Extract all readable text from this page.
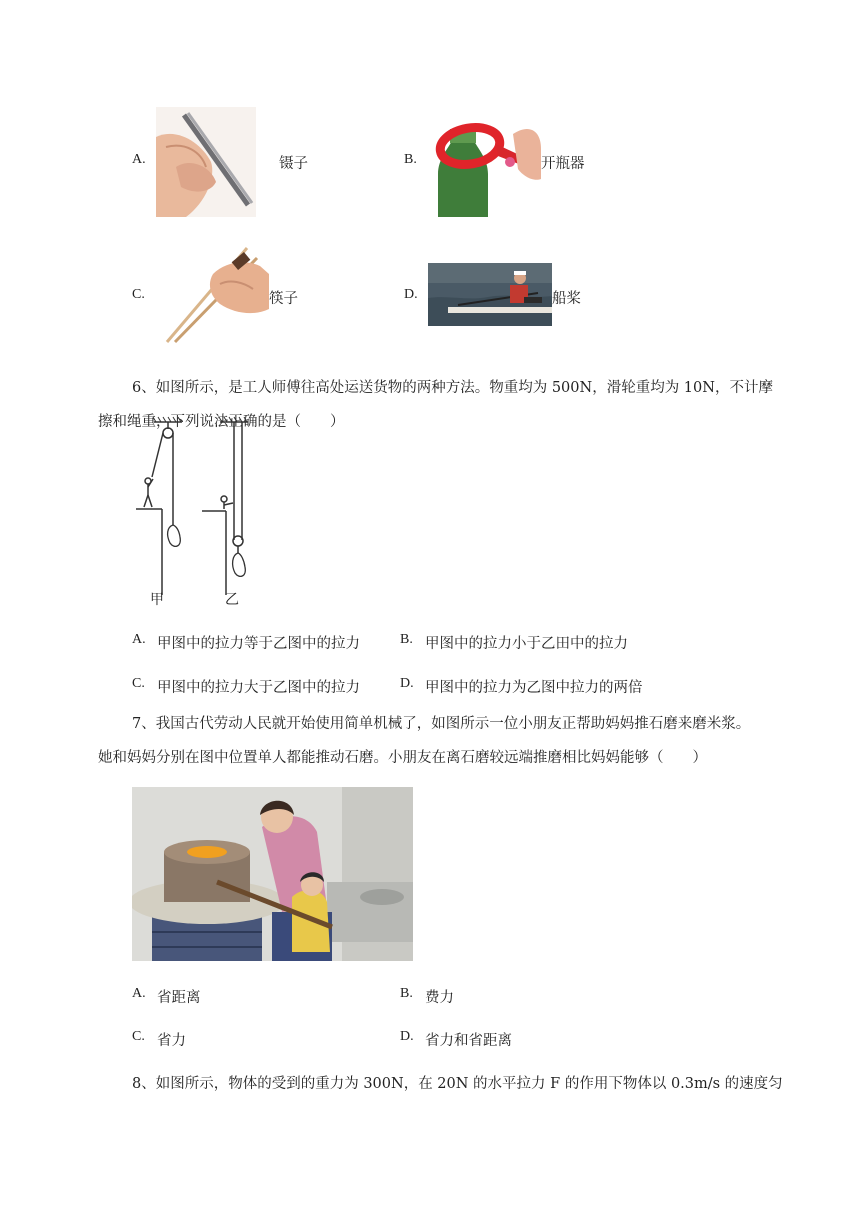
A.	镊子	B.	开瓶器
C.	筷子	D.	船桨
6、如图所示，是工人师傅往高处运送货物的两种方法。物重均为 500N，滑轮重均为 10N，不计摩
擦和绳重，下列说法正确的是（　　）
甲	乙
A. 甲图中的拉力等于乙图中的拉力	B. 甲图中的拉力小于乙田中的拉力
C. 甲图中的拉力大于乙图中的拉力	D. 甲图中的拉力为乙图中拉力的两倍
7、我国古代劳动人民就开始使用简单机械了，如图所示一位小朋友正帮助妈妈推石磨来磨米浆。
她和妈妈分别在图中位置单人都能推动石磨。小朋友在离石磨较远端推磨相比妈妈能够（　　）
A. 省距离	B. 费力
C. 省力	D. 省力和省距离
8、如图所示，物体的受到的重力为 300N，在 20N 的水平拉力 F 的作用下物体以 0.3m/s 的速度匀
